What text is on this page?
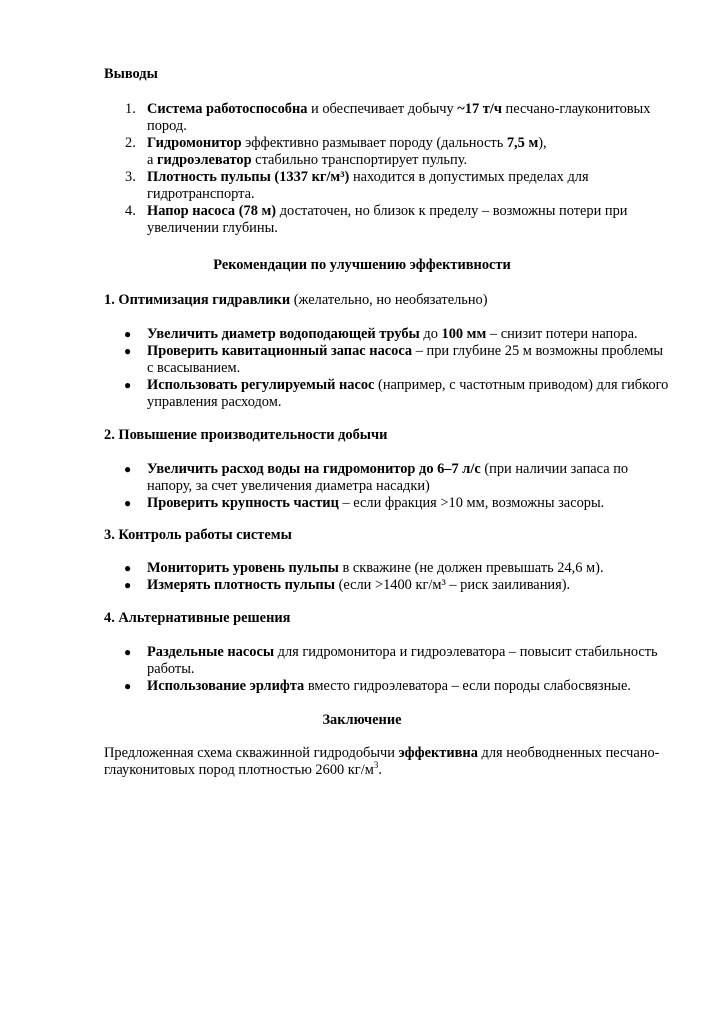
Выводы
1. Система работоспособна и обеспечивает добычу ~17 т/ч песчано-глауконитовых пород.
2. Гидромонитор эффективно размывает породу (дальность 7,5 м),
а гидроэлеватор стабильно транспортирует пульпу.
3. Плотность пульпы (1337 кг/м³) находится в допустимых пределах для гидротранспорта.
4. Напор насоса (78 м) достаточен, но близок к пределу – возможны потери при увеличении глубины.
Рекомендации по улучшению эффективности
1. Оптимизация гидравлики (желательно, но необязательно)
● Увеличить диаметр водоподающей трубы до 100 мм – снизит потери напора.
● Проверить кавитационный запас насоса – при глубине 25 м возможны проблемы с всасыванием.
● Использовать регулируемый насос (например, с частотным приводом) для гибкого управления расходом.
2. Повышение производительности добычи
● Увеличить расход воды на гидромонитор до 6–7 л/с (при наличии запаса по напору, за счет увеличения диаметра насадки)
● Проверить крупность частиц – если фракция >10 мм, возможны засоры.
3. Контроль работы системы
● Мониторить уровень пульпы в скважине (не должен превышать 24,6 м).
● Измерять плотность пульпы (если >1400 кг/м³ – риск заиливания).
4. Альтернативные решения
● Раздельные насосы для гидромонитора и гидроэлеватора – повысит стабильность работы.
● Использование эрлифта вместо гидроэлеватора – если породы слабосвязные.
Заключение
Предложенная схема скважинной гидродобычи эффективна для необводненных песчано-глауконитовых пород плотностью 2600 $кг/м^3$.
